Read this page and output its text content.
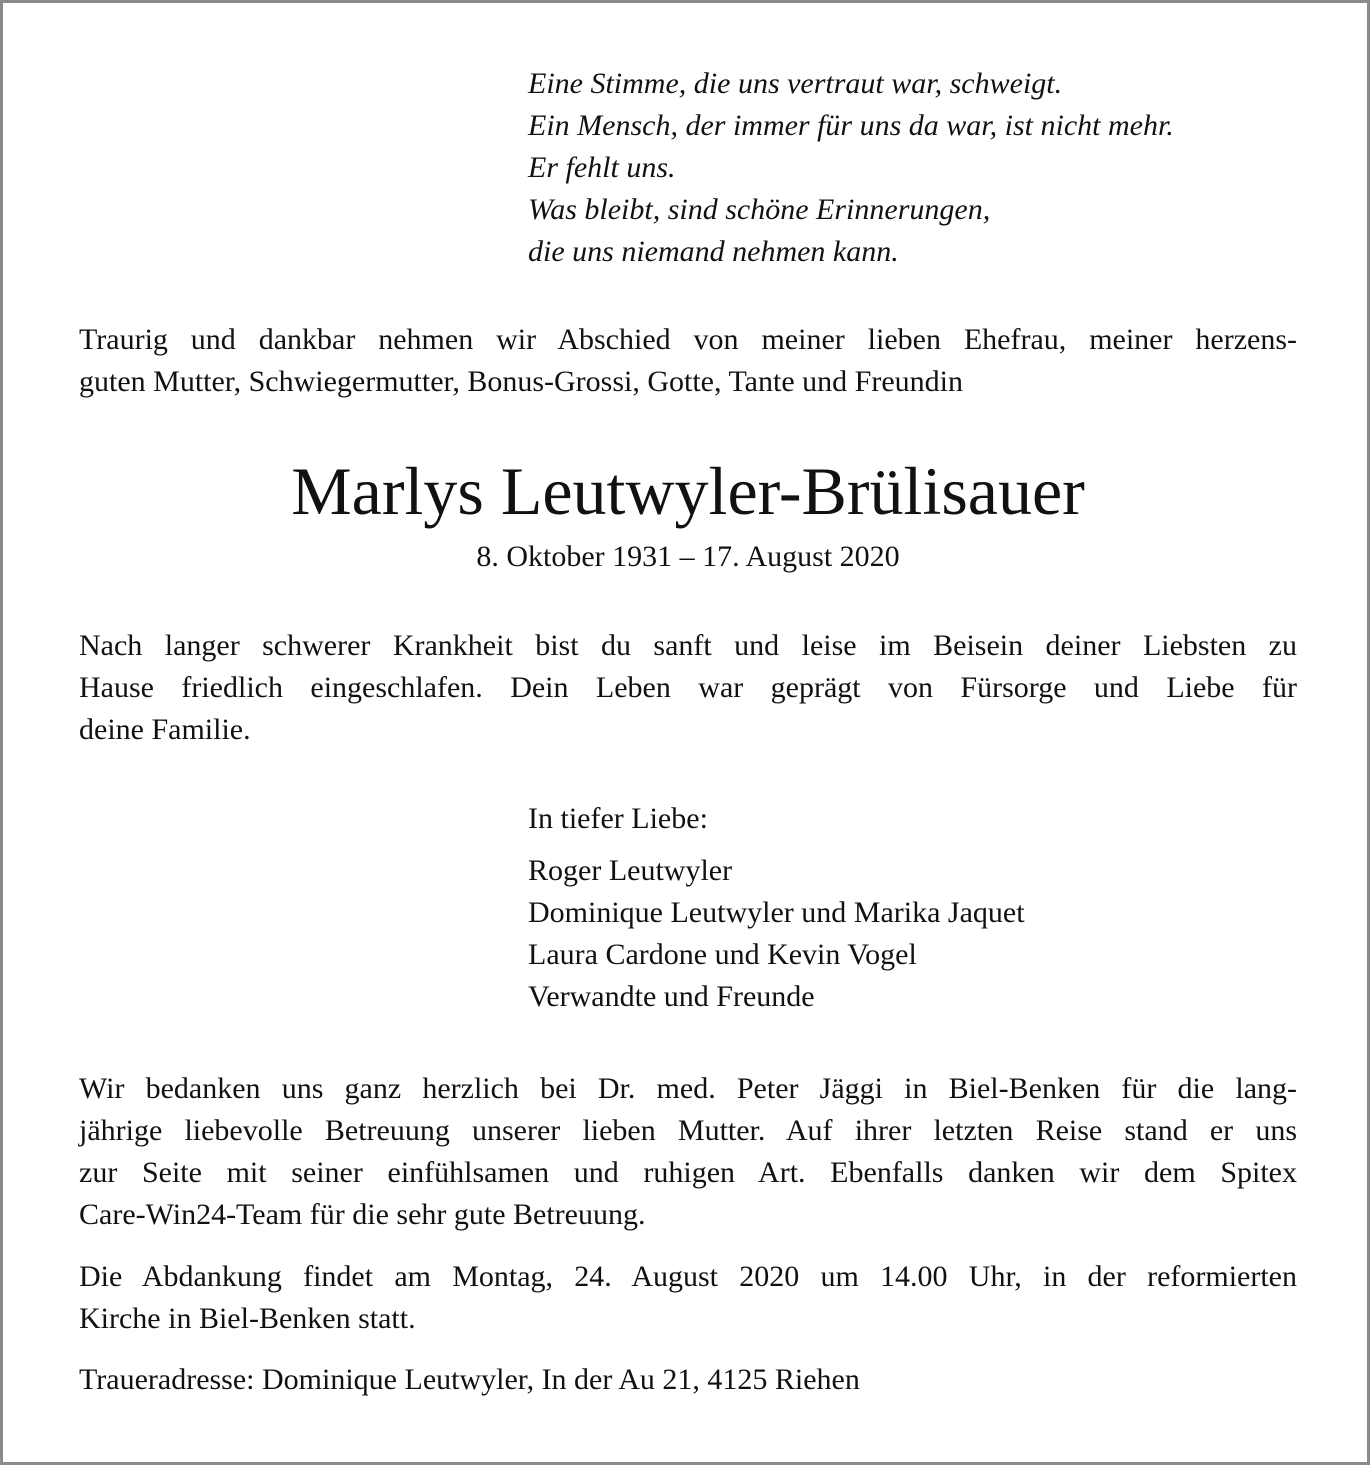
Eine Stimme, die uns vertraut war, schweigt.
Ein Mensch, der immer für uns da war, ist nicht mehr.
Er fehlt uns.
Was bleibt, sind schöne Erinnerungen,
die uns niemand nehmen kann.
Traurig und dankbar nehmen wir Abschied von meiner lieben Ehefrau, meiner herzens-
guten Mutter, Schwiegermutter, Bonus-Grossi, Gotte, Tante und Freundin
Marlys Leutwyler-Brülisauer
8. Oktober 1931 – 17. August 2020
Nach langer schwerer Krankheit bist du sanft und leise im Beisein deiner Liebsten zu
Hause friedlich eingeschlafen. Dein Leben war geprägt von Fürsorge und Liebe für
deine Familie.
In tiefer Liebe:
Roger Leutwyler
Dominique Leutwyler und Marika Jaquet
Laura Cardone und Kevin Vogel
Verwandte und Freunde
Wir bedanken uns ganz herzlich bei Dr. med. Peter Jäggi in Biel-Benken für die lang-
jährige liebevolle Betreuung unserer lieben Mutter. Auf ihrer letzten Reise stand er uns
zur Seite mit seiner einfühlsamen und ruhigen Art. Ebenfalls danken wir dem Spitex
Care-Win24-Team für die sehr gute Betreuung.
Die Abdankung findet am Montag, 24. August 2020 um 14.00 Uhr, in der reformierten
Kirche in Biel-Benken statt.
Traueradresse: Dominique Leutwyler, In der Au 21, 4125 Riehen
